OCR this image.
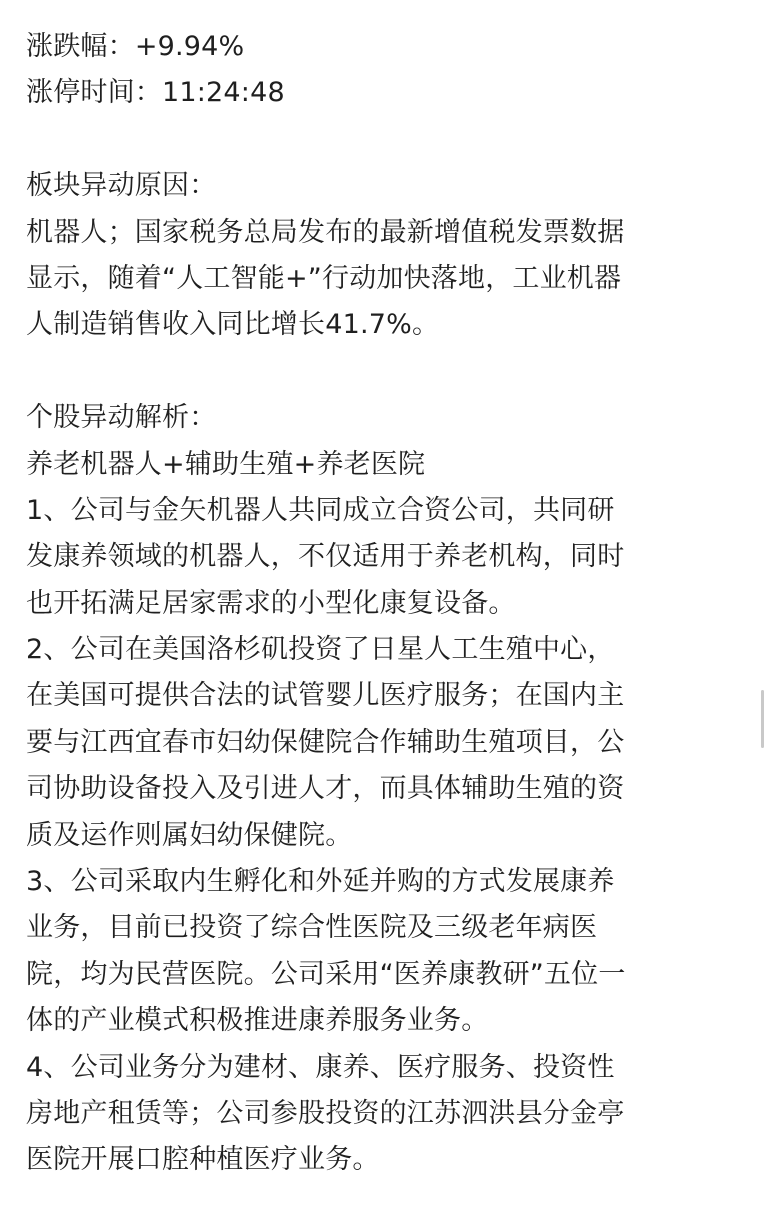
涨跌幅：+9.94%
涨停时间：11:24:48
板块异动原因：
机器人；国家税务总局发布的最新增值税发票数据
显示，随着“人工智能+”行动加快落地，工业机器
人制造销售收入同比增长41.7%。
个股异动解析：
养老机器人+辅助生殖+养老医院
1、公司与金矢机器人共同成立合资公司，共同研
发康养领域的机器人，不仅适用于养老机构，同时
也开拓满足居家需求的小型化康复设备。
2、公司在美国洛杉矶投资了日星人工生殖中心，
在美国可提供合法的试管婴儿医疗服务；在国内主
要与江西宜春市妇幼保健院合作辅助生殖项目，公
司协助设备投入及引进人才，而具体辅助生殖的资
质及运作则属妇幼保健院。
3、公司采取内生孵化和外延并购的方式发展康养
业务，目前已投资了综合性医院及三级老年病医
院，均为民营医院。公司采用“医养康教研”五位一
体的产业模式积极推进康养服务业务。
4、公司业务分为建材、康养、医疗服务、投资性
房地产租赁等；公司参股投资的江苏泗洪县分金亭
医院开展口腔种植医疗业务。
